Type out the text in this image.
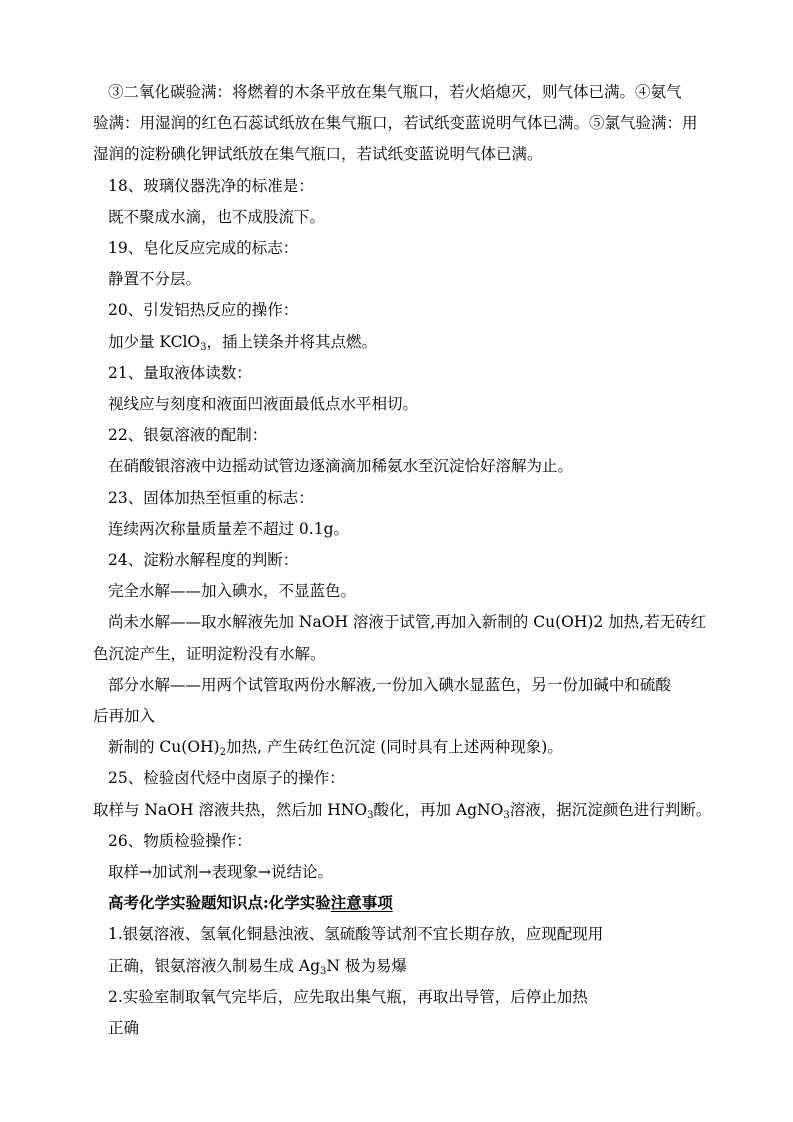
③二氧化碳验满：将燃着的木条平放在集气瓶口，若火焰熄灭，则气体已满。④氨气
验满：用湿润的红色石蕊试纸放在集气瓶口，若试纸变蓝说明气体已满。⑤氯气验满：用
湿润的淀粉碘化钾试纸放在集气瓶口，若试纸变蓝说明气体已满。
18、玻璃仪器洗净的标准是：
既不聚成水滴，也不成股流下。
19、皂化反应完成的标志：
静置不分层。
20、引发铝热反应的操作：
加少量 KClO$_3$，插上镁条并将其点燃。
21、量取液体读数：
视线应与刻度和液面凹液面最低点水平相切。
22、银氨溶液的配制：
在硝酸银溶液中边摇动试管边逐滴滴加稀氨水至沉淀恰好溶解为止。
23、固体加热至恒重的标志：
连续两次称量质量差不超过 0.1g。
24、淀粉水解程度的判断：
完全水解——加入碘水，不显蓝色。
尚未水解——取水解液先加 NaOH 溶液于试管,再加入新制的 Cu(OH)2 加热,若无砖红
色沉淀产生，证明淀粉没有水解。
部分水解——用两个试管取两份水解液,一份加入碘水显蓝色，另一份加碱中和硫酸
后再加入
新制的 $Cu(OH)_2$加热, 产生砖红色沉淀 (同时具有上述两种现象)。
25、检验卤代烃中卤原子的操作：
取样与 NaOH 溶液共热，然后加 $HNO_3$酸化，再加 AgNO$_3$溶液，据沉淀颜色进行判断。
26、物质检验操作：
取样→加试剂→表现象→说结论。
高考化学实验题知识点:化学实验注意事项
1.银氨溶液、氢氧化铜悬浊液、氢硫酸等试剂不宜长期存放，应现配现用
正确，银氨溶液久制易生成 $Ag_3N$ 极为易爆
2.实验室制取氧气完毕后，应先取出集气瓶，再取出导管，后停止加热
正确
